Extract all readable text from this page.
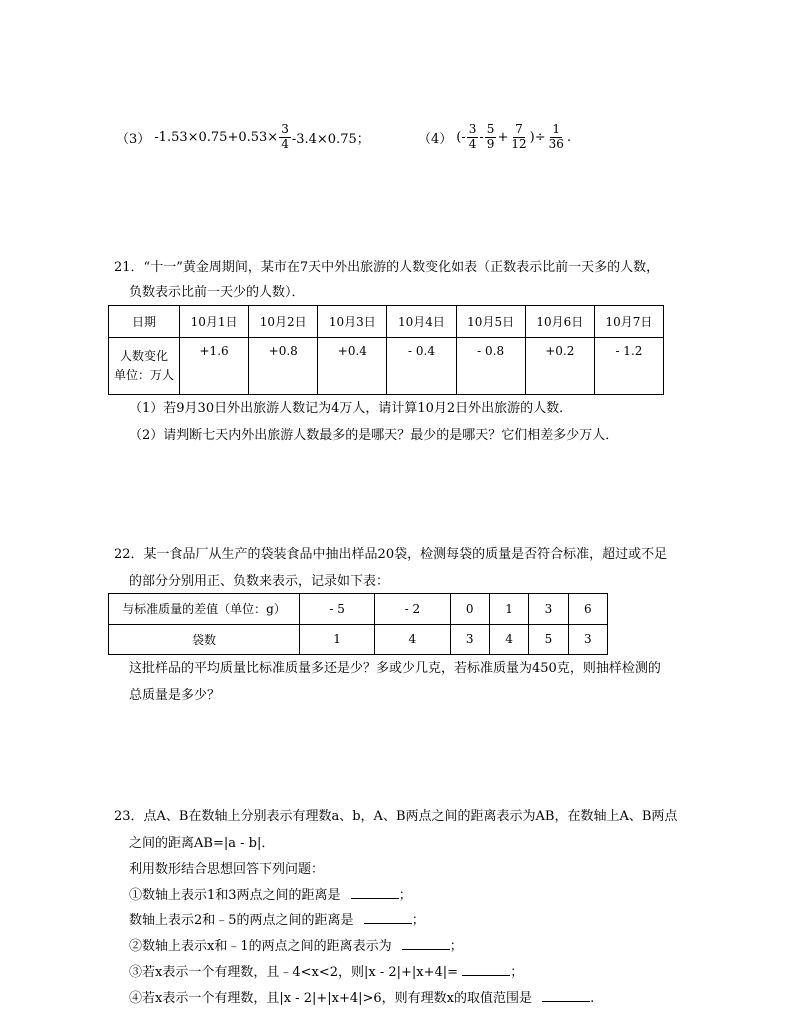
（3） $-1.53\times 0.75+0.53\times \frac{3}{4} -3.4\times 0.75$；	（4） (- $\frac{3}{4} - \frac{5}{9} + \frac{7}{12}$ )÷ $\frac{1}{36}$ .
21．“十一”黄金周期间，某市在7天中外出旅游的人数变化如表（正数表示比前一天多的人数，
负数表示比前一天少的人数）．
日期	10月1日	10月2日	10月3日	10月4日	10月5日	10月6日	10月7日

人数变化
单位：万人	+1.6	+0.8	+0.4	- 0.4	- 0.8	+0.2	- 1.2
（1）若9月30日外出旅游人数记为4万人，请计算10月2日外出旅游的人数．
（2）请判断七天内外出旅游人数最多的是哪天？最少的是哪天？它们相差多少万人．
22．某一食品厂从生产的袋装食品中抽出样品20袋，检测每袋的质量是否符合标准，超过或不足
的部分分别用正、负数来表示，记录如下表：
与标准质量的差值（单位：g）	- 5	- 2	0	1	3	6
袋数	1	4	3	4	5	3
这批样品的平均质量比标准质量多还是少？多或少几克，若标准质量为450克，则抽样检测的
总质量是多少？
23．点A、B在数轴上分别表示有理数a、b，A、B两点之间的距离表示为AB，在数轴上A、B两点
之间的距离AB=|a - b|．
利用数形结合思想回答下列问题：
①数轴上表示1和3两点之间的距离是	；
数轴上表示2和﹣5的两点之间的距离是	；
②数轴上表示x和﹣1的两点之间的距离表示为	；
③若x表示一个有理数，且﹣4<x<2，则|x - 2|+|x+4|=	；
④若x表示一个有理数，且|x - 2|+|x+4|>6，则有理数x的取值范围是	.
